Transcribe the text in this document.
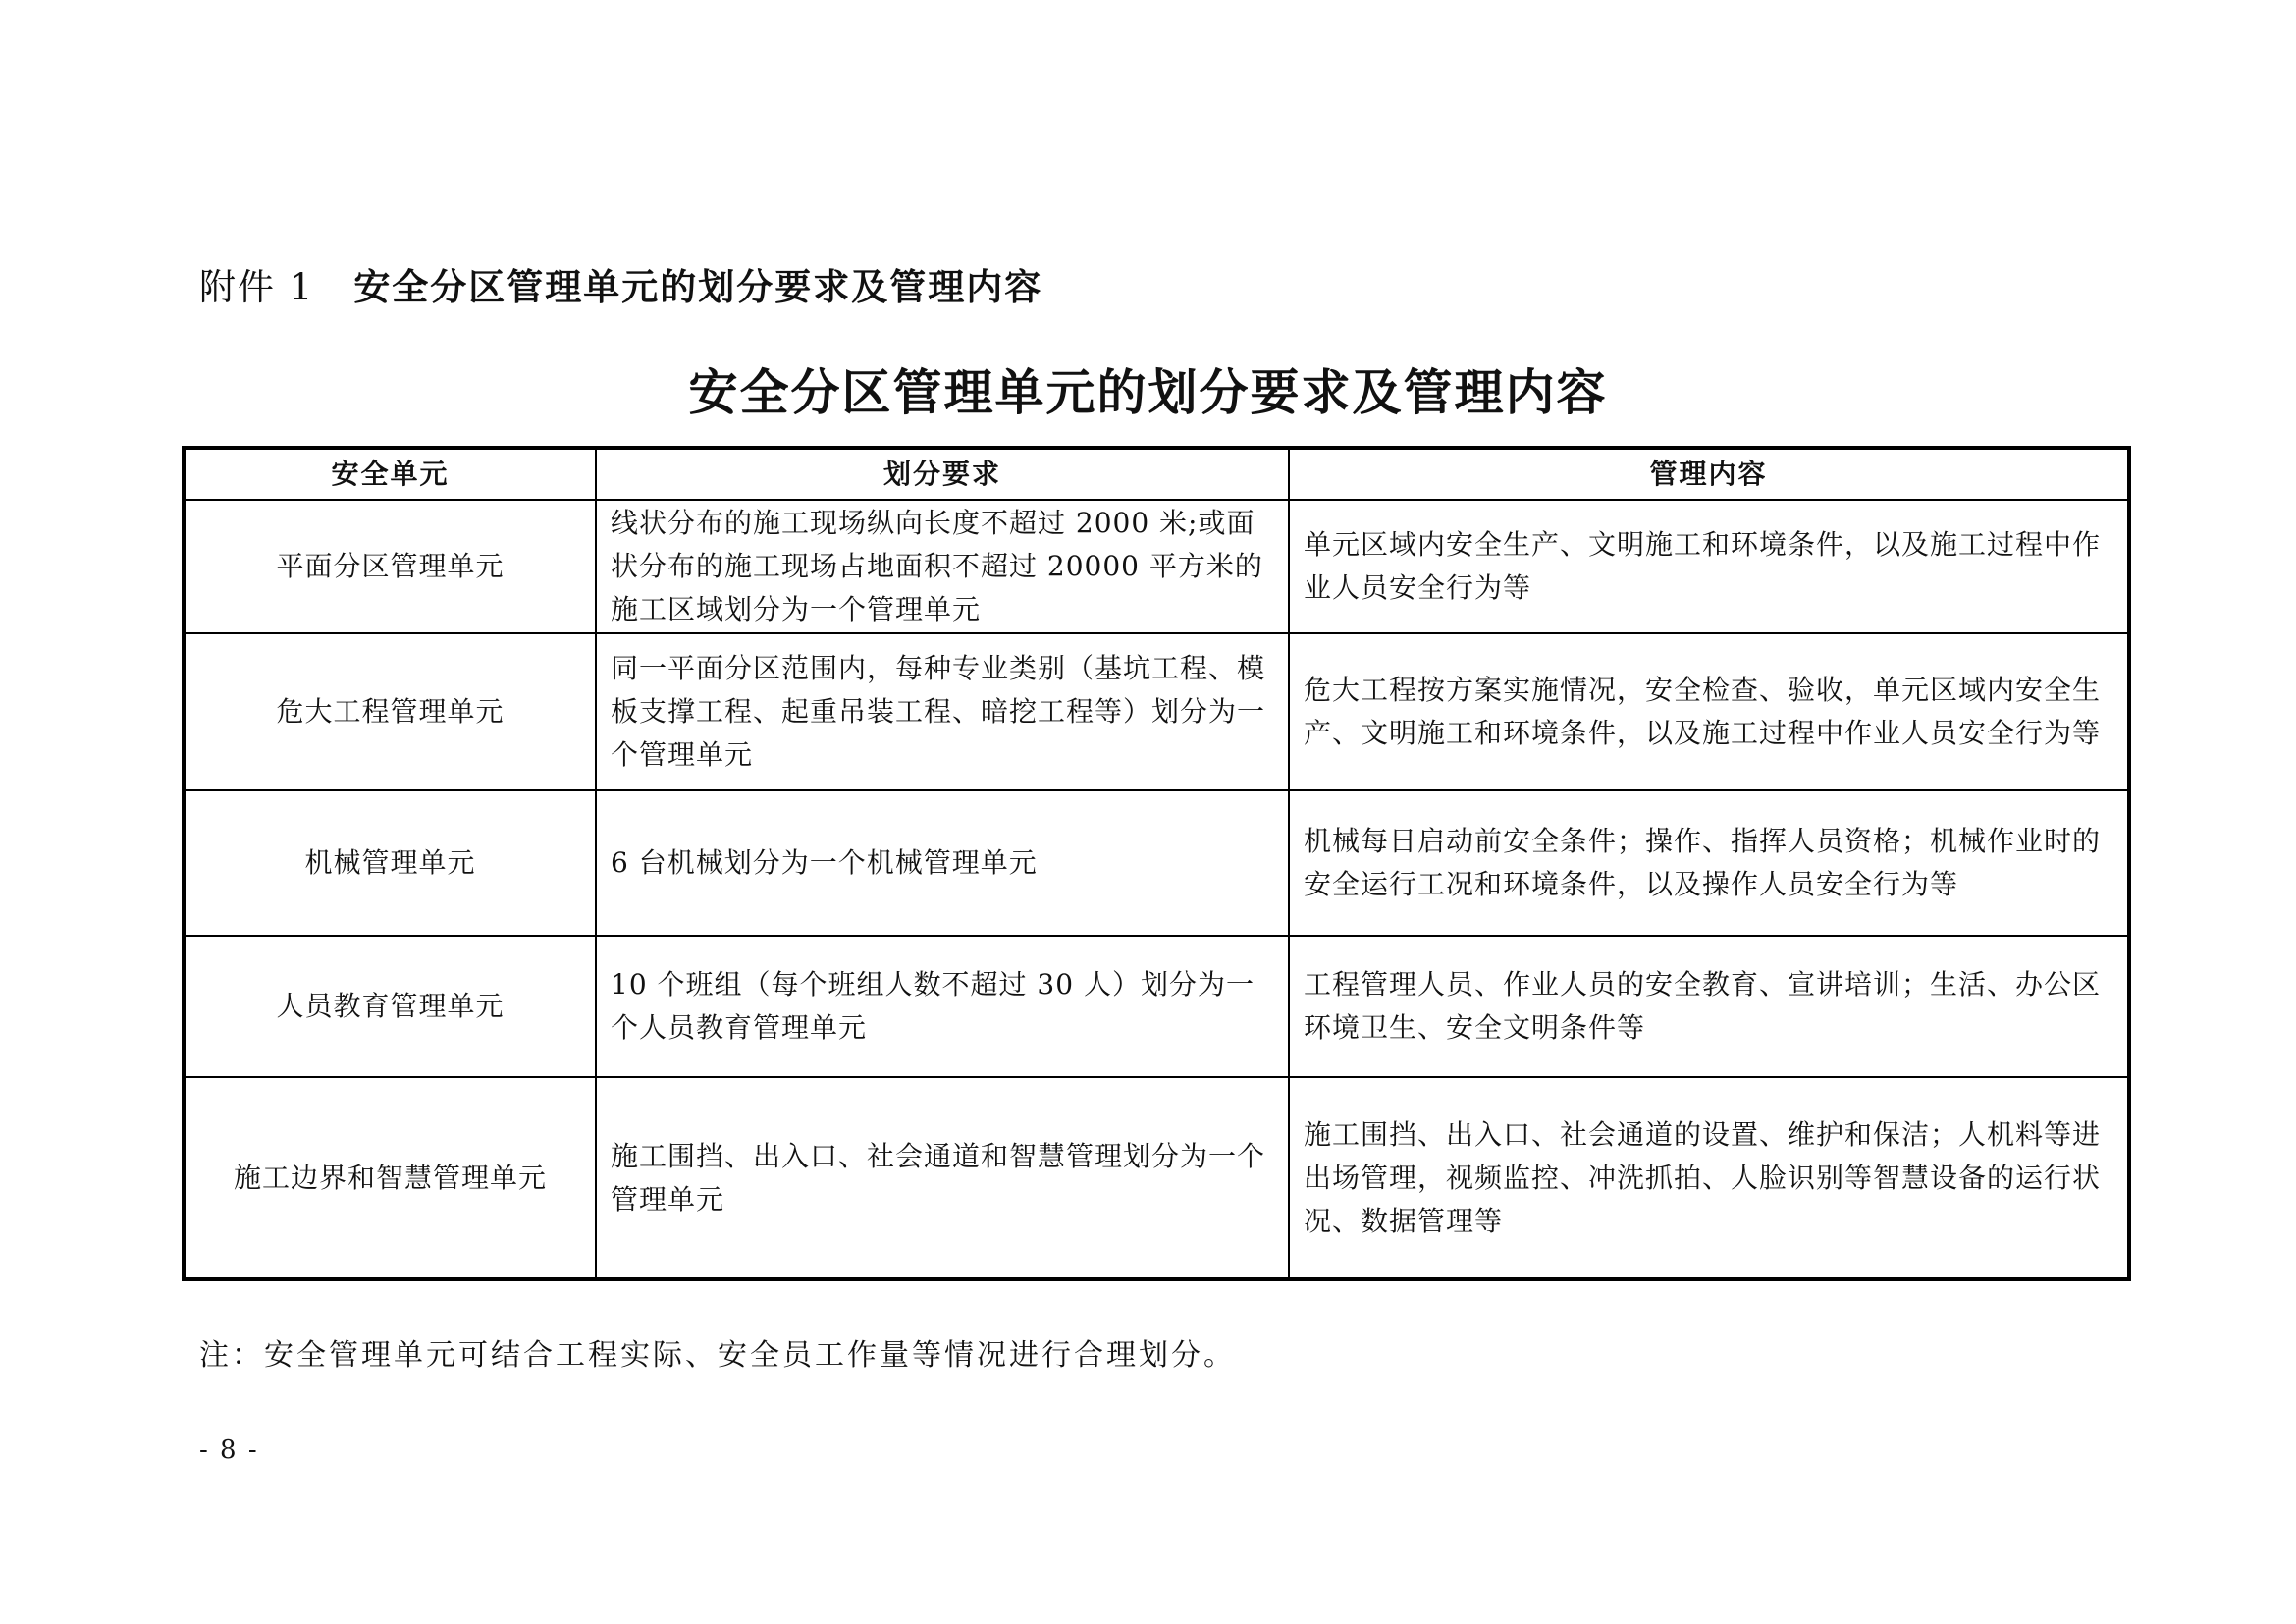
附件 1 安全分区管理单元的划分要求及管理内容
安全分区管理单元的划分要求及管理内容
安全单元	划分要求	管理内容
平面分区管理单元	线状分布的施工现场纵向长度不超过 2000 米;或面状分布的施工现场占地面积不超过 20000 平方米的施工区域划分为一个管理单元	单元区域内安全生产、文明施工和环境条件，以及施工过程中作业人员安全行为等
危大工程管理单元	同一平面分区范围内，每种专业类别（基坑工程、模板支撑工程、起重吊装工程、暗挖工程等）划分为一个管理单元	危大工程按方案实施情况，安全检查、验收，单元区域内安全生产、文明施工和环境条件，以及施工过程中作业人员安全行为等
机械管理单元	6 台机械划分为一个机械管理单元	机械每日启动前安全条件；操作、指挥人员资格；机械作业时的安全运行工况和环境条件，以及操作人员安全行为等
人员教育管理单元	10 个班组（每个班组人数不超过 30 人）划分为一个人员教育管理单元	工程管理人员、作业人员的安全教育、宣讲培训；生活、办公区环境卫生、安全文明条件等
施工边界和智慧管理单元	施工围挡、出入口、社会通道和智慧管理划分为一个管理单元	施工围挡、出入口、社会通道的设置、维护和保洁；人机料等进出场管理，视频监控、冲洗抓拍、人脸识别等智慧设备的运行状况、数据管理等
注：安全管理单元可结合工程实际、安全员工作量等情况进行合理划分。
- 8 -
